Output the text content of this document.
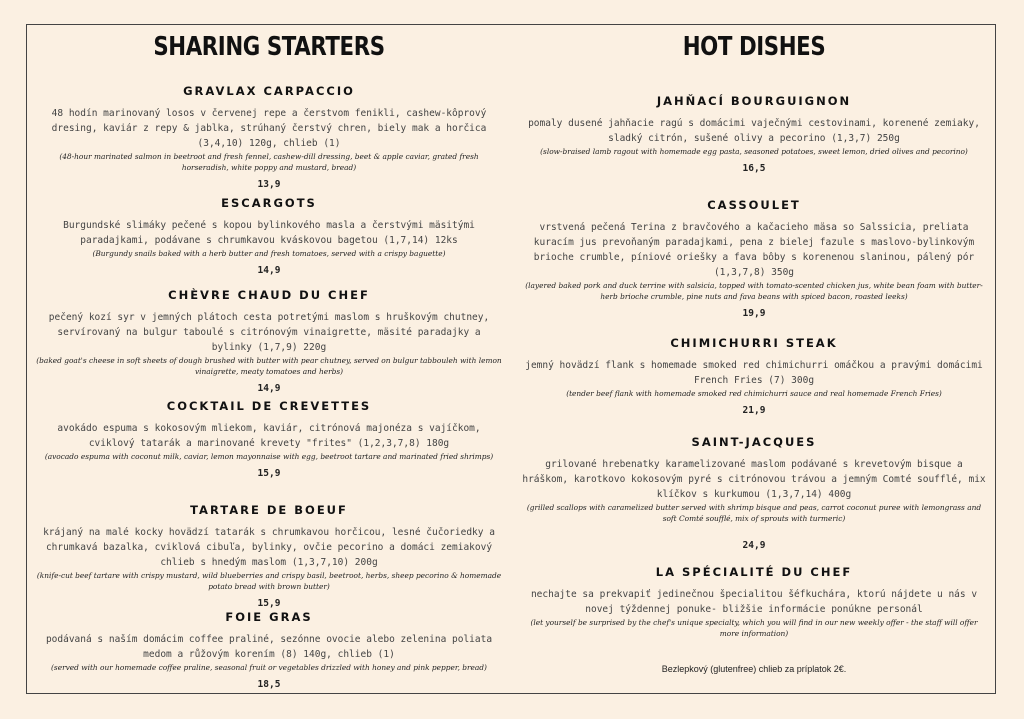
SHARING STARTERS
GRAVLAX CARPACCIO
48 hodín marinovaný losos v červenej repe a čerstvom fenikli, cashew-kôprový dresing, kaviár z repy & jablka, strúhaný čerstvý chren, biely mak a horčica (3,4,10) 120g, chlieb (1)
(48-hour marinated salmon in beetroot and fresh fennel, cashew-dill dressing, beet & apple caviar, grated fresh horseradish, white poppy and mustard, bread)
13,9
ESCARGOTS
Burgundské slimáky pečené s kopou bylinkového masla a čerstvými mäsitými paradajkami, podávane s chrumkavou kváskovou bagetou (1,7,14) 12ks
(Burgundy snails baked with a herb butter and fresh tomatoes, served with a crispy baguette)
14,9
CHÈVRE CHAUD DU CHEF
pečený kozí syr v jemných plátoch cesta potretými maslom s hruškovým chutney, servírovaný na bulgur taboulé s citrónovým vinaigrette, mäsité paradajky a bylinky (1,7,9) 220g
(baked goat's cheese in soft sheets of dough brushed with butter with pear chutney, served on bulgur tabbouleh with lemon vinaigrette, meaty tomatoes and herbs)
14,9
COCKTAIL DE CREVETTES
avokádo espuma s kokosovým mliekom, kaviár, citrónová majonéza s vajíčkom, cviklový tatarák a marinované krevety "frites" (1,2,3,7,8) 180g
(avocado espuma with coconut milk, caviar, lemon mayonnaise with egg, beetroot tartare and marinated fried shrimps)
15,9
TARTARE DE BOEUF
krájaný na malé kocky hovädzí tatarák s chrumkavou horčicou, lesné čučoriedky a chrumkavá bazalka, cviklová cibuľa, bylinky, ovčie pecorino a domáci zemiakový chlieb s hnedým maslom (1,3,7,10) 200g
(knife-cut beef tartare with crispy mustard, wild blueberries and crispy basil, beetroot, herbs, sheep pecorino & homemade potato bread with brown butter)
15,9
FOIE GRAS
podávaná s naším domácim coffee praliné, sezónne ovocie alebo zelenina poliata medom a růžovým korením (8) 140g, chlieb (1)
(served with our homemade coffee praline, seasonal fruit or vegetables drizzled with honey and pink pepper, bread)
18,5
HOT DISHES
JAHŇACÍ BOURGUIGNON
pomaly dusené jahňacie ragú s domácimi vaječnými cestovinami, korenené zemiaky, sladký citrón, sušené olivy a pecorino (1,3,7) 250g
(slow-braised lamb ragout with homemade egg pasta, seasoned potatoes, sweet lemon, dried olives and pecorino)
16,5
CASSOULET
vrstvená pečená Terina z bravčového a kačacieho mäsa so Salssicia, preliata kuracím jus prevoňaným paradajkami, pena z bielej fazule s maslovo-bylinkovým brioche crumble, píniové oriešky a fava bôby s korenenou slaninou, pálený pór (1,3,7,8) 350g
(layered baked pork and duck terrine with salsicia, topped with tomato-scented chicken jus, white bean foam with butter-herb brioche crumble, pine nuts and fava beans with spiced bacon, roasted leeks)
19,9
CHIMICHURRI STEAK
jemný hovädzí flank s homemade smoked red chimichurri omáčkou a pravými domácimi French Fries (7) 300g
(tender beef flank with homemade smoked red chimichurri sauce and real homemade French Fries)
21,9
SAINT-JACQUES
grilované hrebenatky karamelizované maslom podávané s krevetovým bisque a hráškom, karotkovo kokosovým pyré s citrónovou trávou a jemným Comté soufflé, mix klíčkov s kurkumou (1,3,7,14) 400g
(grilled scallops with caramelized butter served with shrimp bisque and peas, carrot coconut puree with lemongrass and soft Comté soufflé, mix of sprouts with turmeric)
24,9
LA SPÉCIALITÉ DU CHEF
nechajte sa prekvapiť jedinečnou špecialitou šéfkuchára, ktorú nájdete u nás v novej týždennej ponuke- bližšie informácie ponúkne personál
(let yourself be surprised by the chef's unique specialty, which you will find in our new weekly offer - the staff will offer more information)
Bezlepkový (glutenfree) chlieb za príplatok 2€.
